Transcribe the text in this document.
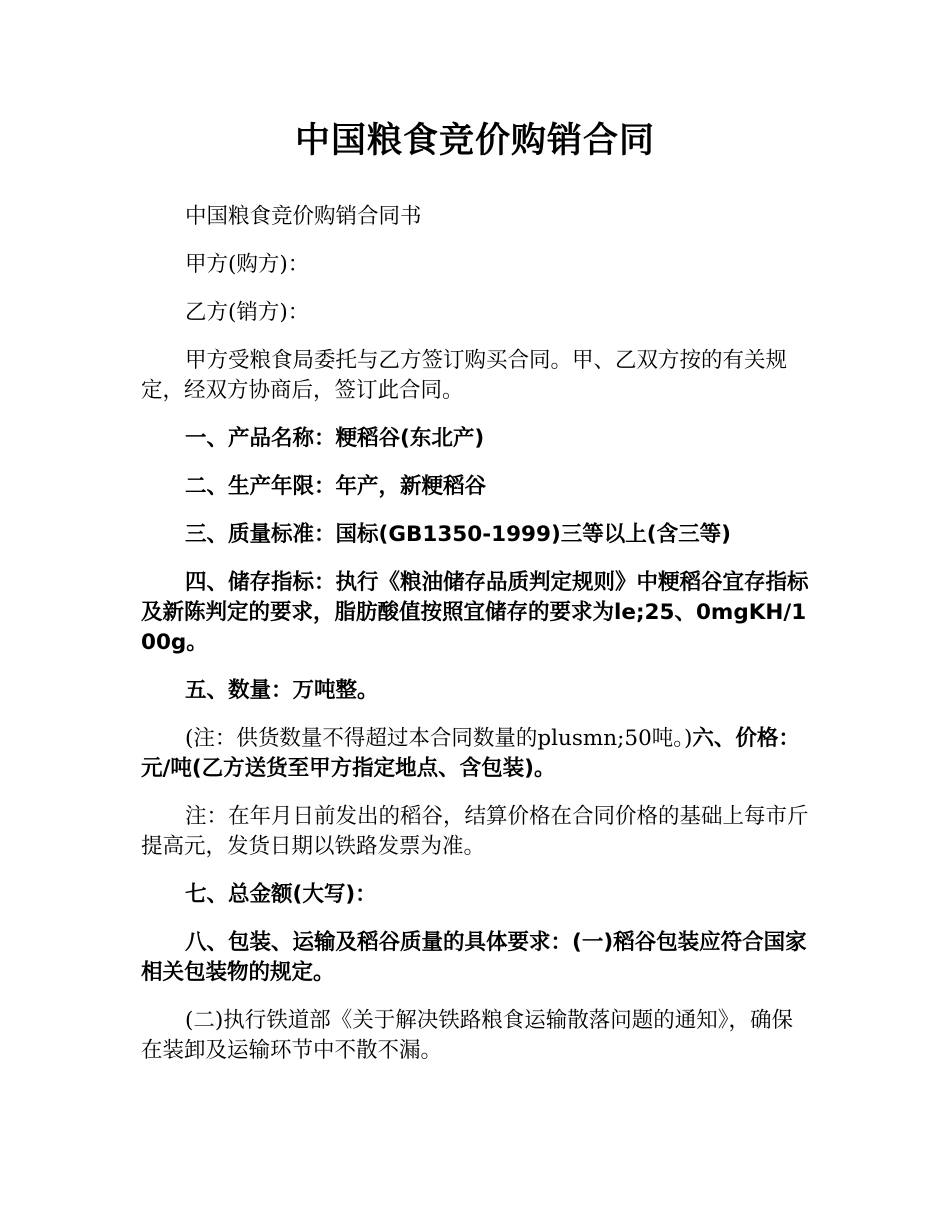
中国粮食竞价购销合同

中国粮食竞价购销合同书

甲方(购方)：

乙方(销方)：

甲方受粮食局委托与乙方签订购买合同。甲、乙双方按的有关规定，经双方协商后，签订此合同。

一、产品名称：粳稻谷(东北产)

二、生产年限：年产，新粳稻谷

三、质量标准：国标(GB1350-1999)三等以上(含三等)

四、储存指标：执行《粮油储存品质判定规则》中粳稻谷宜存指标及新陈判定的要求，脂肪酸值按照宜储存的要求为le;25、0mgKH/100g。

五、数量：万吨整。

(注：供货数量不得超过本合同数量的plusmn;50吨。)六、价格：元/吨(乙方送货至甲方指定地点、含包装)。

注：在年月日前发出的稻谷，结算价格在合同价格的基础上每市斤提高元，发货日期以铁路发票为准。

七、总金额(大写)：

八、包装、运输及稻谷质量的具体要求：(一)稻谷包装应符合国家相关包装物的规定。

(二)执行铁道部《关于解决铁路粮食运输散落问题的通知》，确保在装卸及运输环节中不散不漏。
